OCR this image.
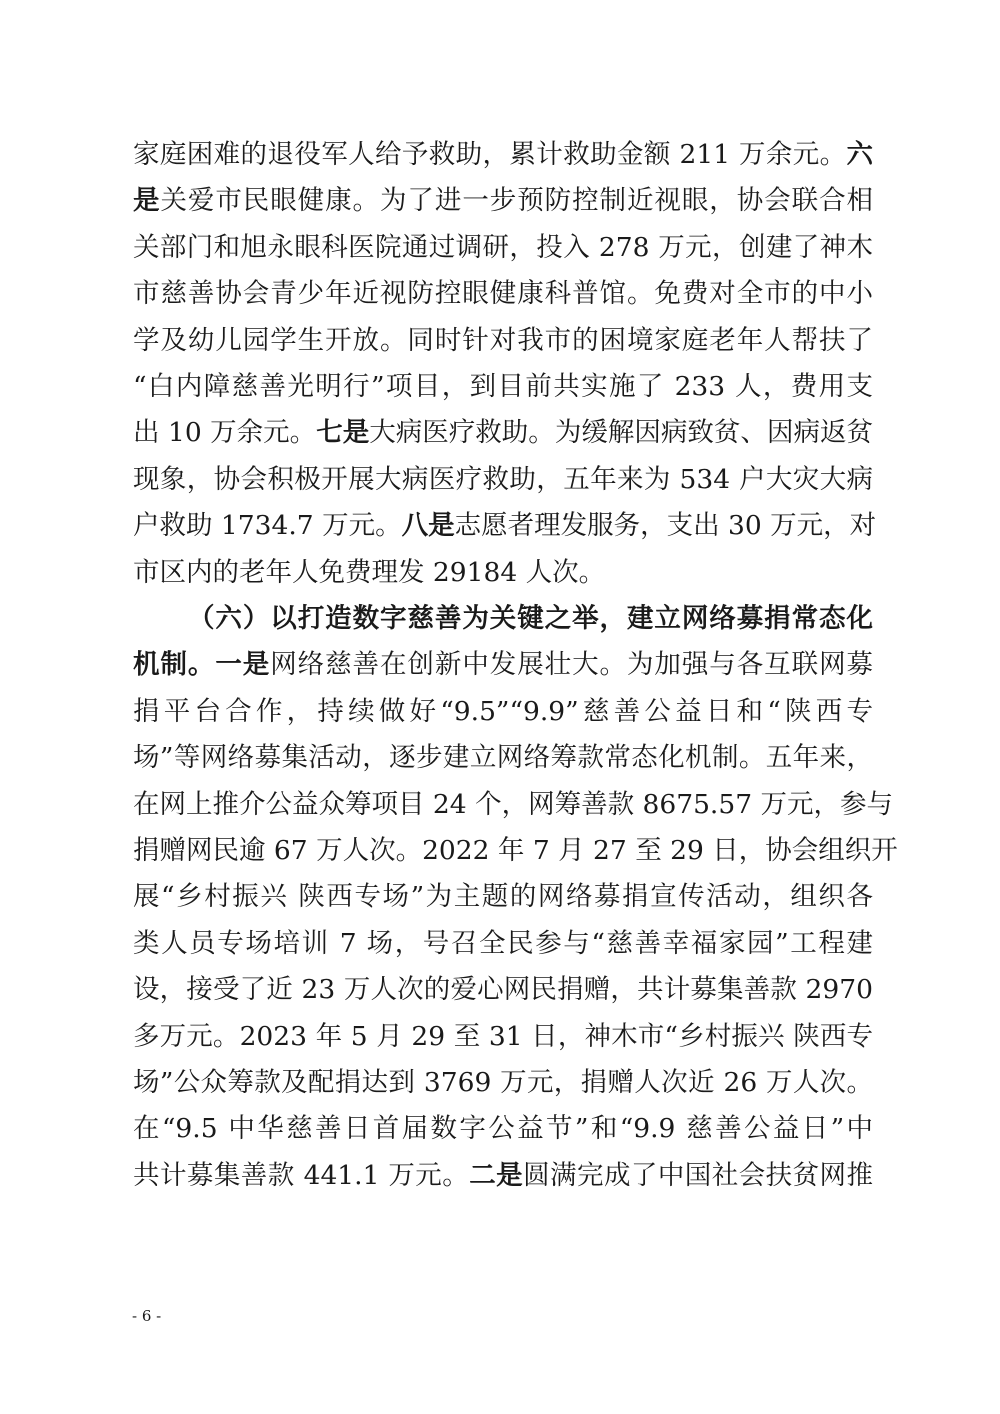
家庭困难的退役军人给予救助，累计救助金额 211 万余元。六
是关爱市民眼健康。为了进一步预防控制近视眼，协会联合相
关部门和旭永眼科医院通过调研，投入 278 万元，创建了神木
市慈善协会青少年近视防控眼健康科普馆。免费对全市的中小
学及幼儿园学生开放。同时针对我市的困境家庭老年人帮扶了
“白内障慈善光明行”项目，到目前共实施了 233 人，费用支
出 10 万余元。七是大病医疗救助。为缓解因病致贫、因病返贫
现象，协会积极开展大病医疗救助，五年来为 534 户大灾大病
户救助 1734.7 万元。八是志愿者理发服务，支出 30 万元，对
市区内的老年人免费理发 29184 人次。
（六）以打造数字慈善为关键之举，建立网络募捐常态化
机制。一是网络慈善在创新中发展壮大。为加强与各互联网募
捐平台合作，持续做好“9.5”“9.9”慈善公益日和“陕西专
场”等网络募集活动，逐步建立网络筹款常态化机制。五年来，
在网上推介公益众筹项目 24 个，网筹善款 8675.57 万元，参与
捐赠网民逾 67 万人次。2022 年 7 月 27 至 29 日，协会组织开
展“乡村振兴 陕西专场”为主题的网络募捐宣传活动，组织各
类人员专场培训 7 场，号召全民参与“慈善幸福家园”工程建
设，接受了近 23 万人次的爱心网民捐赠，共计募集善款 2970
多万元。2023 年 5 月 29 至 31 日，神木市“乡村振兴 陕西专
场”公众筹款及配捐达到 3769 万元，捐赠人次近 26 万人次。
在“9.5 中华慈善日首届数字公益节”和“9.9 慈善公益日”中
共计募集善款 441.1 万元。二是圆满完成了中国社会扶贫网推
- 6 -
